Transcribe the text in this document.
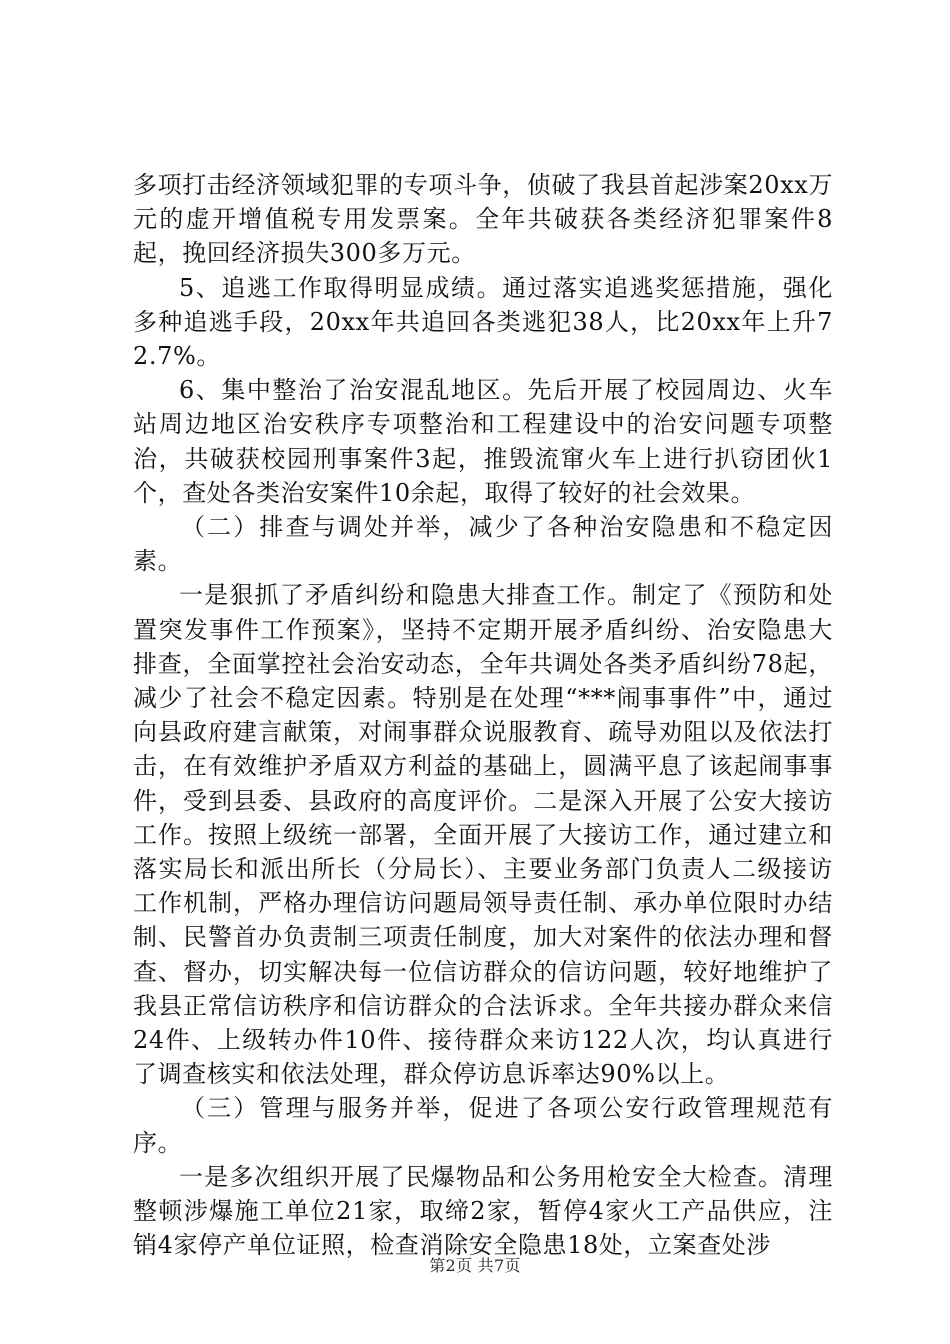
多项打击经济领域犯罪的专项斗争，侦破了我县首起涉案20xx万元的虚开增值税专用发票案。全年共破获各类经济犯罪案件8起，挽回经济损失300多万元。

5、追逃工作取得明显成绩。通过落实追逃奖惩措施，强化多种追逃手段，20xx年共追回各类逃犯38人，比20xx年上升72.7%。

6、集中整治了治安混乱地区。先后开展了校园周边、火车站周边地区治安秩序专项整治和工程建设中的治安问题专项整治，共破获校园刑事案件3起，推毁流窜火车上进行扒窃团伙1个，查处各类治安案件10余起，取得了较好的社会效果。

（二）排查与调处并举，减少了各种治安隐患和不稳定因素。

一是狠抓了矛盾纠纷和隐患大排查工作。制定了《预防和处置突发事件工作预案》，坚持不定期开展矛盾纠纷、治安隐患大排查，全面掌控社会治安动态，全年共调处各类矛盾纠纷78起，减少了社会不稳定因素。特别是在处理“***闹事事件”中，通过向县政府建言献策，对闹事群众说服教育、疏导劝阻以及依法打击，在有效维护矛盾双方利益的基础上，圆满平息了该起闹事事件，受到县委、县政府的高度评价。二是深入开展了公安大接访工作。按照上级统一部署，全面开展了大接访工作，通过建立和落实局长和派出所长（分局长）、主要业务部门负责人二级接访工作机制，严格办理信访问题局领导责任制、承办单位限时办结制、民警首办负责制三项责任制度，加大对案件的依法办理和督查、督办，切实解决每一位信访群众的信访问题，较好地维护了我县正常信访秩序和信访群众的合法诉求。全年共接办群众来信24件、上级转办件10件、接待群众来访122人次，均认真进行了调查核实和依法处理，群众停访息诉率达90%以上。

（三）管理与服务并举，促进了各项公安行政管理规范有序。

一是多次组织开展了民爆物品和公务用枪安全大检查。清理整顿涉爆施工单位21家，取缔2家，暂停4家火工产品供应，注销4家停产单位证照，检查消除安全隐患18处，立案查处涉

第2页 共7页
